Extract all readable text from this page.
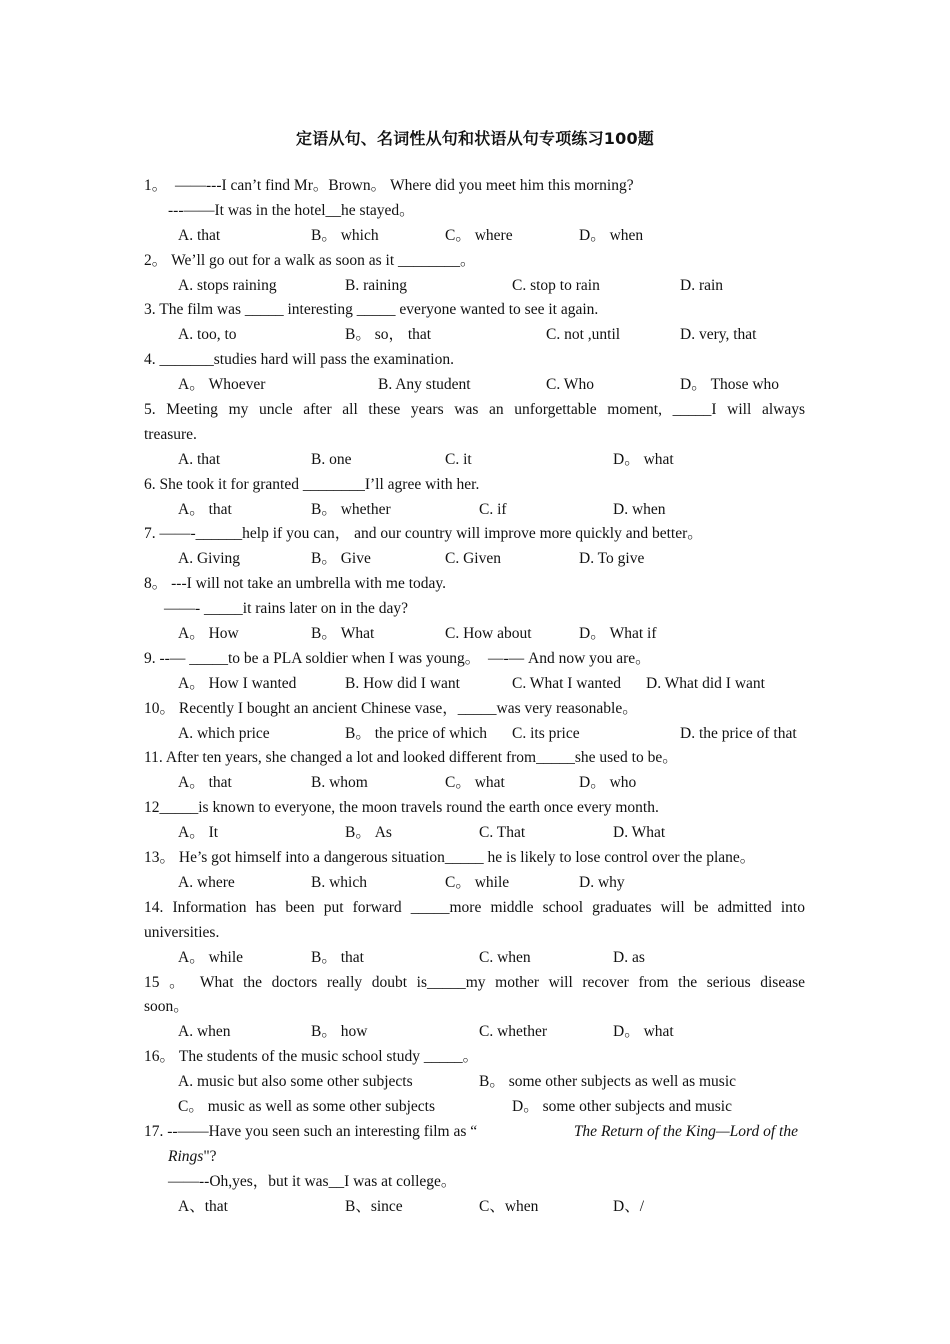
定语从句、名词性从句和状语从句专项练习100题
1。　——---I can’t find Mr。Brown。 Where did you meet him this morning?
---——It was in the hotel__he stayed。
A. that	B。 which	C。 where	D。 when
2。 We’ll go out for a walk as soon as it ________。
A. stops raining	B. raining	C. stop to rain	D. rain
3. The film was _____ interesting _____ everyone wanted to see it again.
A. too, to	B。 so， that	C. not ,until	D. very, that
4. _______studies hard will pass the examination.
A。 Whoever	B. Any student	C. Who	D。 Those who
5. Meeting my uncle after all these years was an unforgettable moment, _____I will always
treasure.
A. that	B. one	C. it	D。 what
6. She took it for granted ________I’ll agree with her.
A。 that	B。 whether	C. if	D. when
7. ——-______help if you can， and our country will improve more quickly and better。
A. Giving	B。 Give	C. Given	D. To give
8。 ---I will not take an umbrella with me today.
——- _____it rains later on in the day?
A。 How	B。 What	C. How about	D。 What if
9. --— _____to be a PLA soldier when I was young。　—-— And now you are。
A。 How I wanted	B. How did I want	C. What I wanted D. What did I want
10。 Recently I bought an ancient Chinese vase，_____was very reasonable。
A. which price	B。 the price of which C. its price	D. the price of that
11. After ten years, she changed a lot and looked different from_____she used to be。
A。 that	B. whom	C。 what	D。 who
12_____is known to everyone, the moon travels round the earth once every month.
A。 It	B。 As	C. That	D. What
13。 He’s got himself into a dangerous situation_____ he is likely to lose control over the plane。
A. where	B. which	C。 while	D. why
14. Information has been put forward _____more middle school graduates will be admitted into
universities.
A。 while	B。 that	C. when	D. as
15 。 What the doctors really doubt is_____my mother will recover from the serious disease
soon。
A. when	B。 how	C. whether	D。 what
16。 The students of the music school study _____。
A. music but also some other subjects	B。 some other subjects as well as music
C。 music as well as some other subjects	D。 some other subjects and music
17. --——Have you seen such an interesting film as “	The Return of the King—Lord of the
Rings"?
——--Oh,yes，but it was__I was at college。
A、that	B、since	C、when	D、/
